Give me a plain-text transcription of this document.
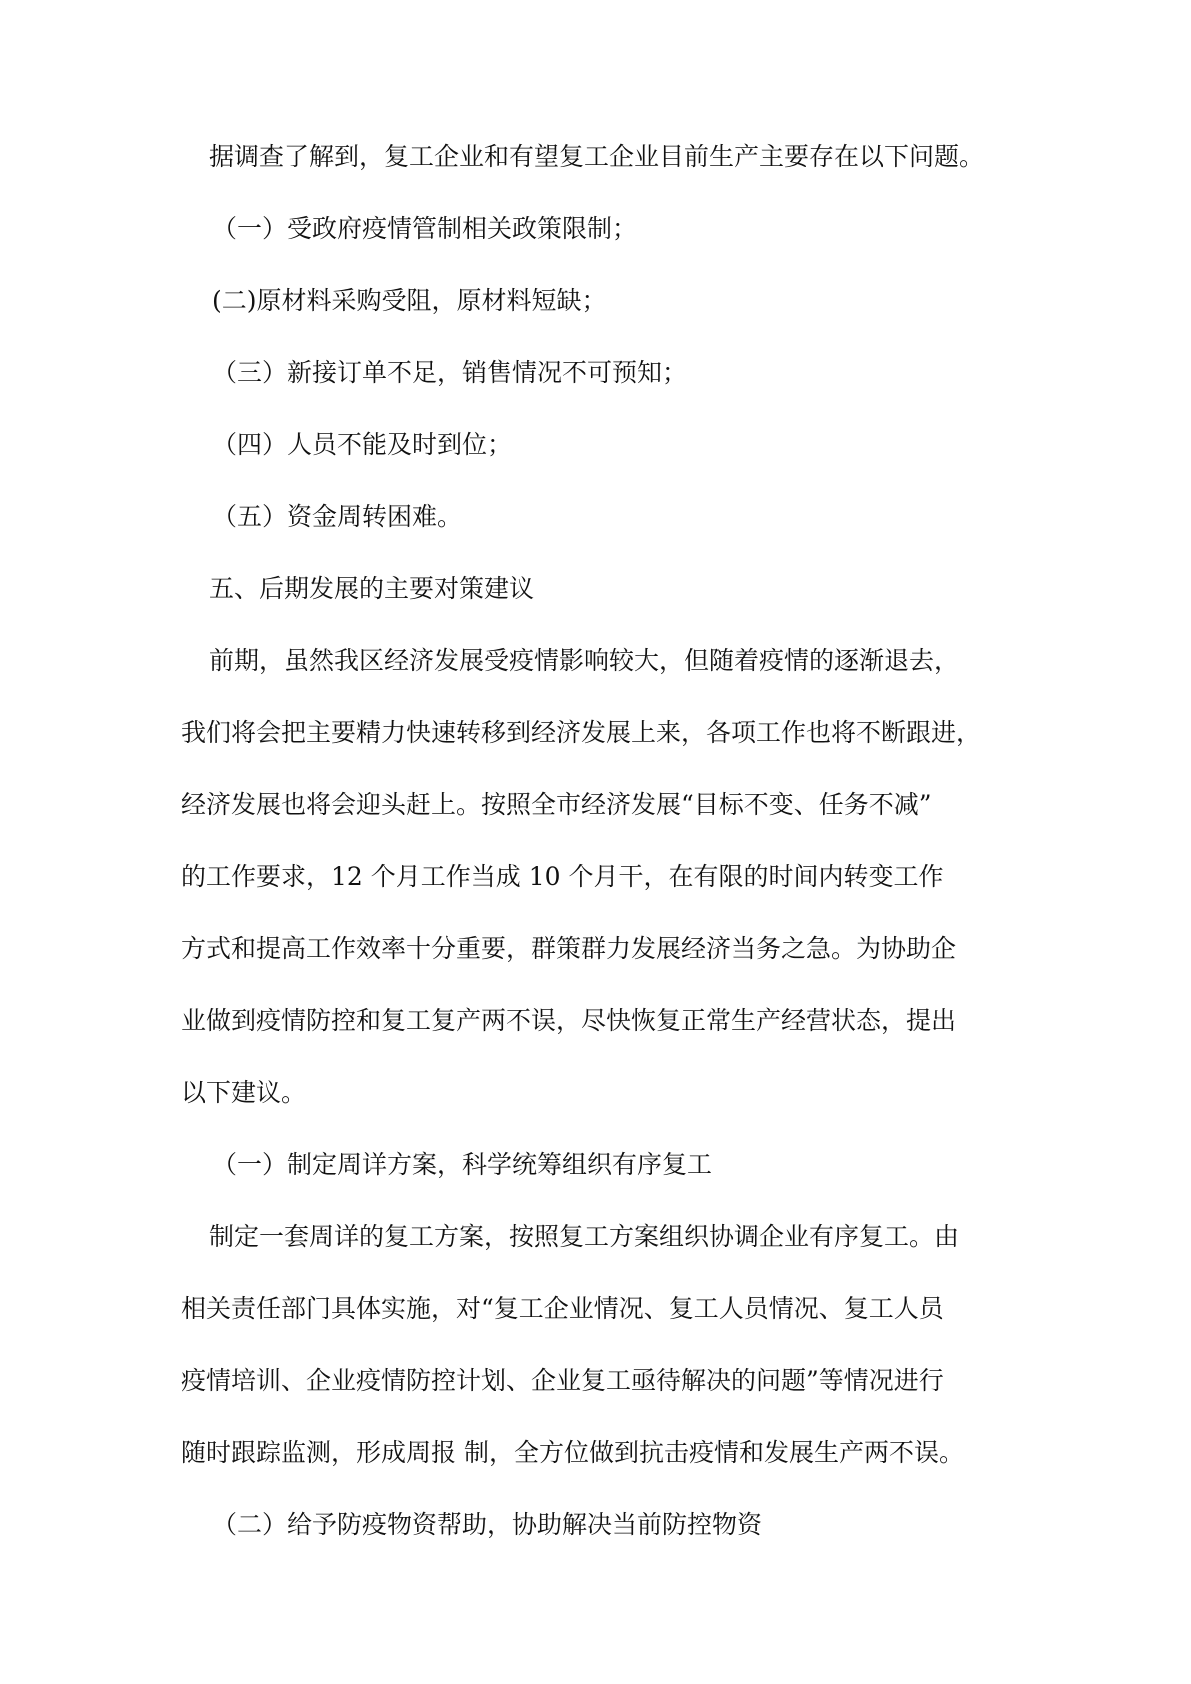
据调查了解到，复工企业和有望复工企业目前生产主要存在以下问题。

（一）受政府疫情管制相关政策限制；

(二)原材料采购受阻，原材料短缺；

（三）新接订单不足，销售情况不可预知；

（四）人员不能及时到位；

（五）资金周转困难。

五、后期发展的主要对策建议

前期，虽然我区经济发展受疫情影响较大，但随着疫情的逐渐退去，

我们将会把主要精力快速转移到经济发展上来，各项工作也将不断跟进，

经济发展也将会迎头赶上。按照全市经济发展“目标不变、任务不减”

的工作要求，12 个月工作当成 10 个月干，在有限的时间内转变工作

方式和提高工作效率十分重要，群策群力发展经济当务之急。为协助企

业做到疫情防控和复工复产两不误，尽快恢复正常生产经营状态，提出

以下建议。

（一）制定周详方案，科学统筹组织有序复工

制定一套周详的复工方案，按照复工方案组织协调企业有序复工。由

相关责任部门具体实施，对“复工企业情况、复工人员情况、复工人员

疫情培训、企业疫情防控计划、企业复工亟待解决的问题”等情况进行

随时跟踪监测，形成周报 制，全方位做到抗击疫情和发展生产两不误。

（二）给予防疫物资帮助，协助解决当前防控物资
